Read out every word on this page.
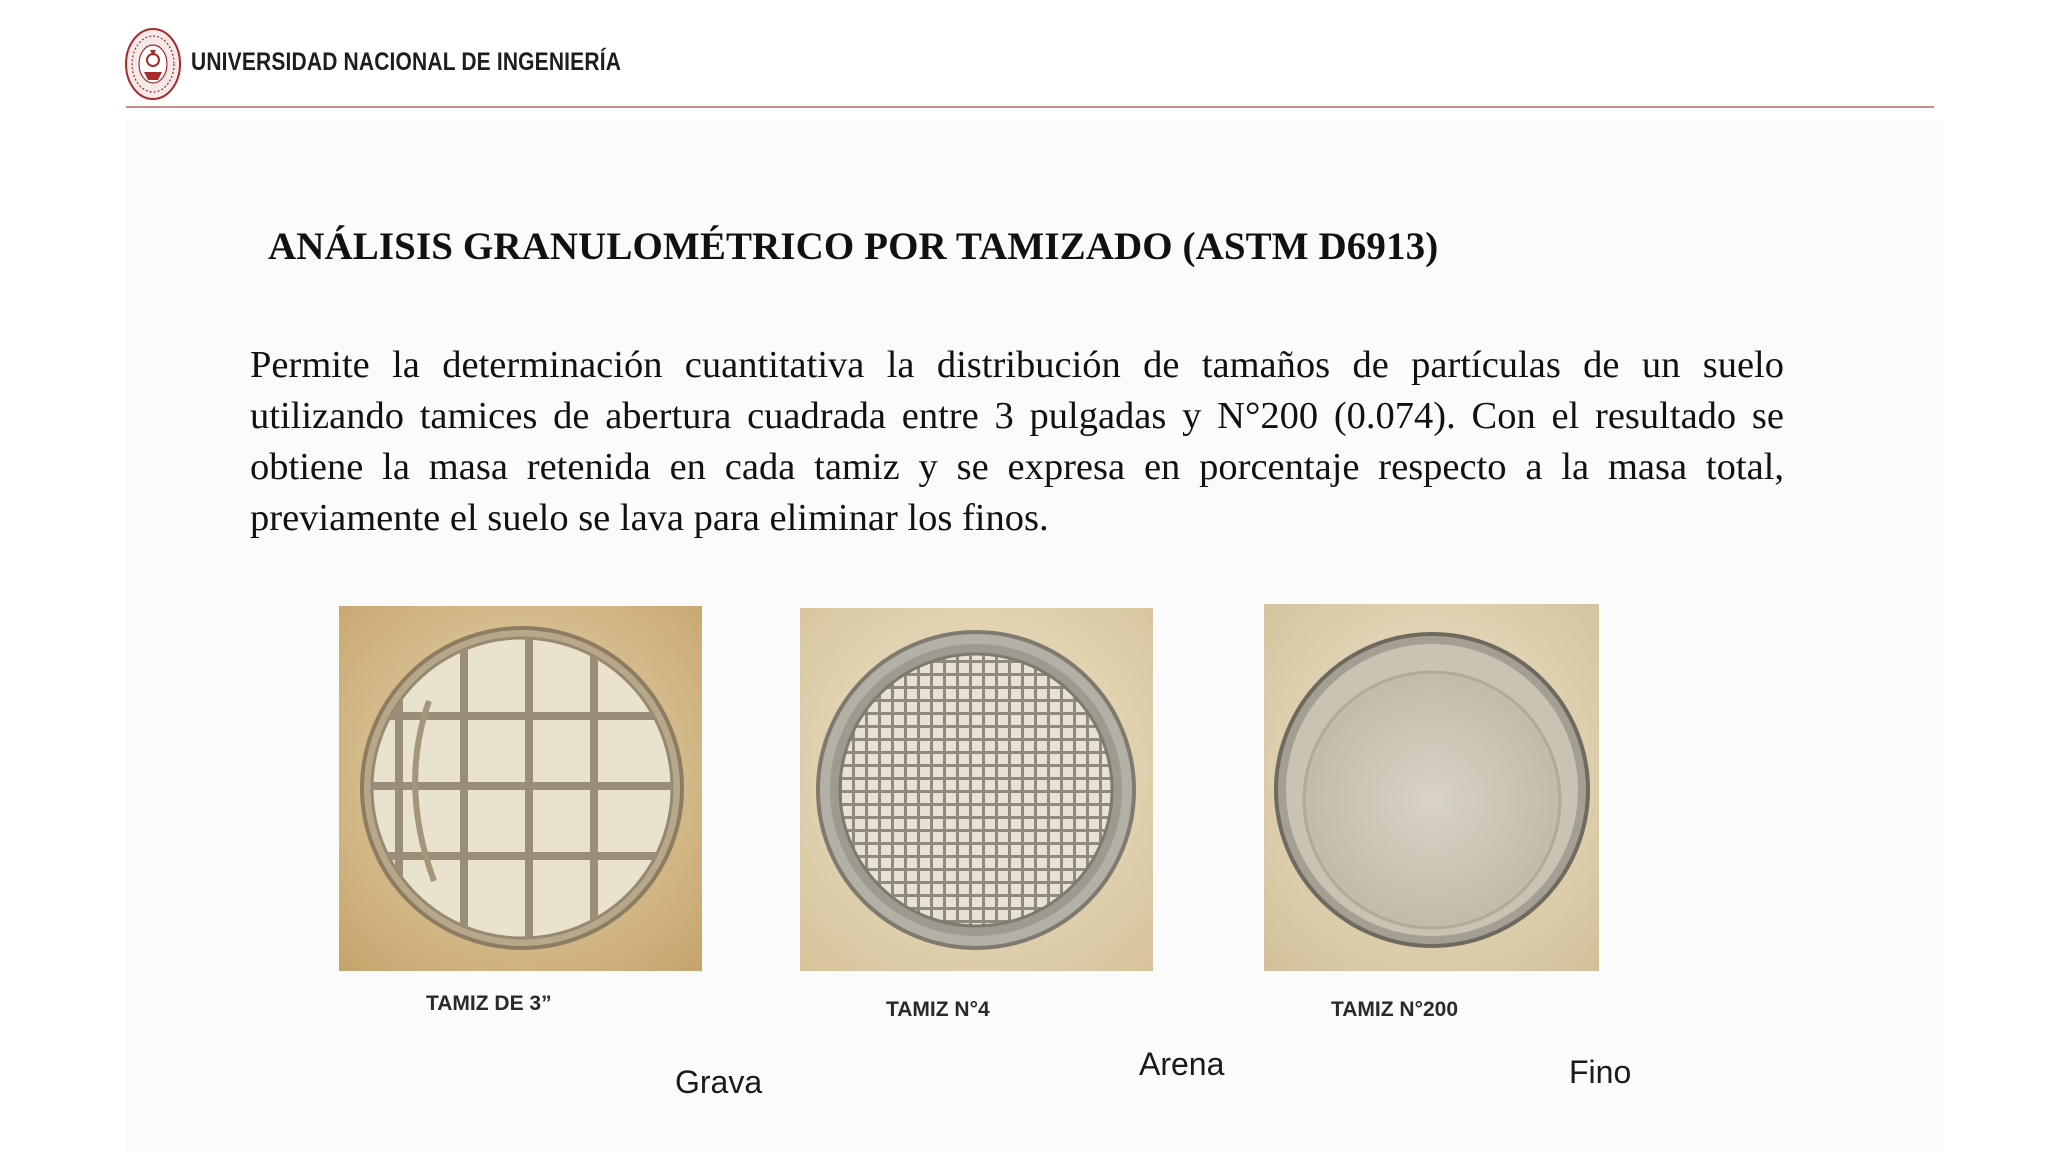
UNIVERSIDAD NACIONAL DE INGENIERÍA
ANÁLISIS GRANULOMÉTRICO POR TAMIZADO (ASTM D6913)
Permite la determinación cuantitativa la distribución de tamaños de partículas de un suelo utilizando tamices de abertura cuadrada entre 3 pulgadas y N°200 (0.074). Con el resultado se obtiene la masa retenida en cada tamiz y se expresa en porcentaje respecto a la masa total, previamente el suelo se lava para eliminar los finos.
TAMIZ DE 3”	TAMIZ N°4	TAMIZ N°200
Grava	Arena	Fino
